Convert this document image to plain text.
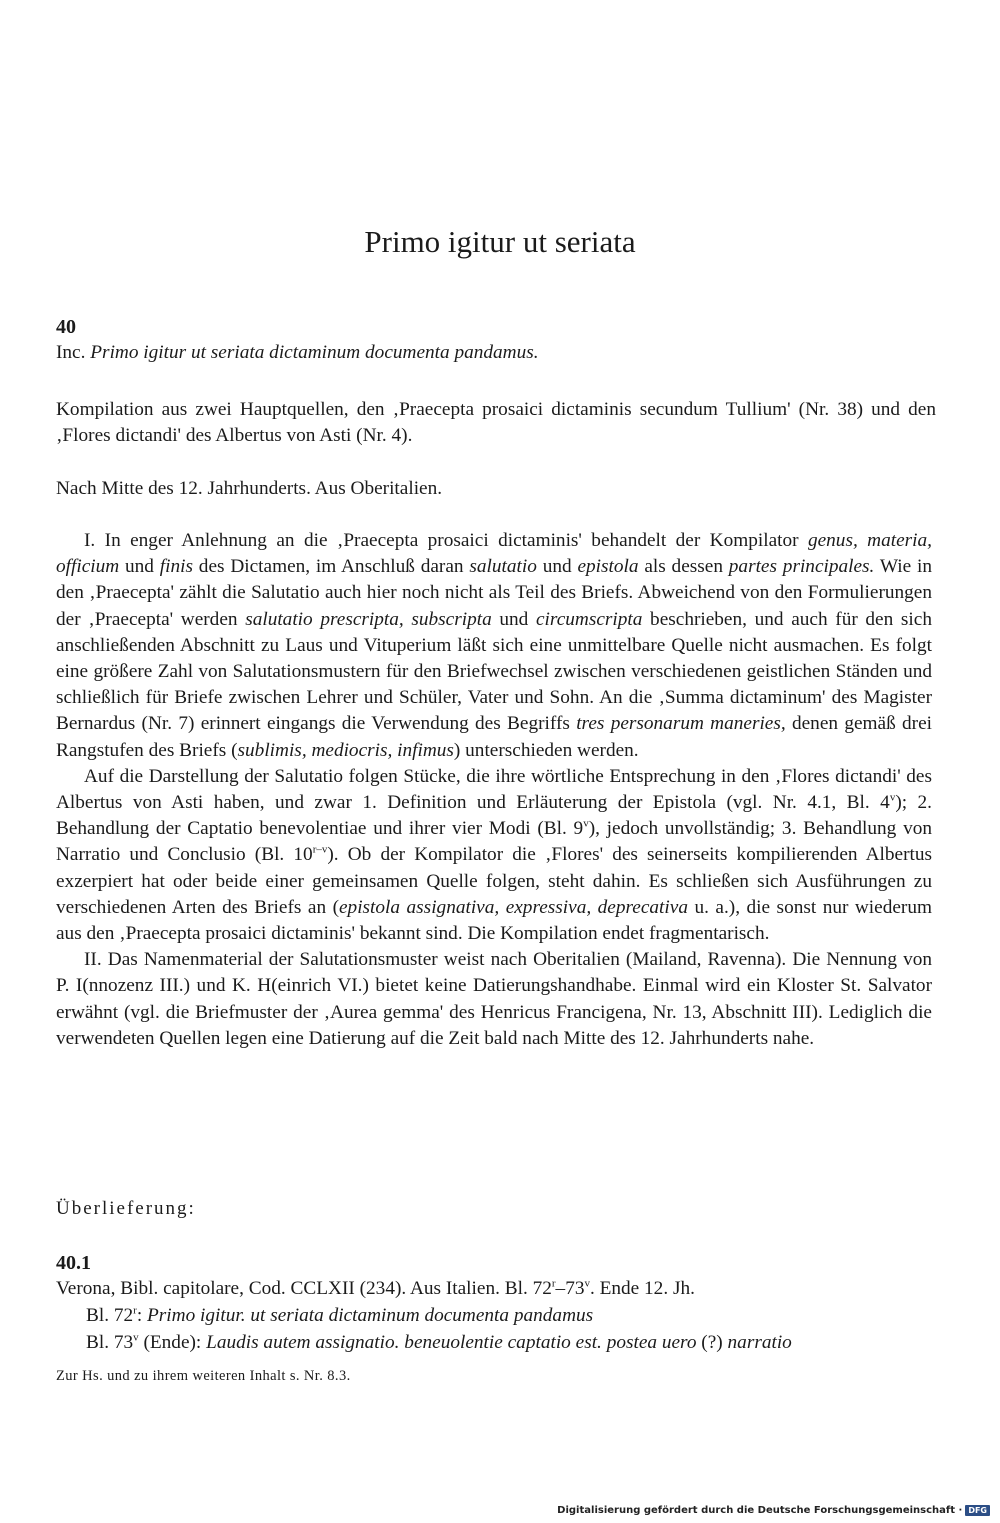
Primo igitur ut seriata
40
Inc. Primo igitur ut seriata dictaminum documenta pandamus.

Kompilation aus zwei Hauptquellen, den ‚Praecepta prosaici dictaminis secundum Tullium' (Nr. 38) und den ‚Flores dictandi' des Albertus von Asti (Nr. 4).

Nach Mitte des 12. Jahrhunderts. Aus Oberitalien.

I. In enger Anlehnung an die ‚Praecepta prosaici dictaminis' behandelt der Kompilator genus, materia, officium und finis des Dictamen, im Anschluß daran salutatio und epistola als dessen partes principales. Wie in den ‚Praecepta' zählt die Salutatio auch hier noch nicht als Teil des Briefs. Abweichend von den Formulierungen der ‚Praecepta' werden salutatio prescripta, subscripta und circumscripta beschrieben, und auch für den sich anschließenden Abschnitt zu Laus und Vituperium läßt sich eine unmittelbare Quelle nicht ausmachen. Es folgt eine größere Zahl von Salutationsmustern für den Briefwechsel zwischen verschiedenen geistlichen Ständen und schließlich für Briefe zwischen Lehrer und Schüler, Vater und Sohn. An die ‚Summa dictaminum' des Magister Bernardus (Nr. 7) erinnert eingangs die Verwendung des Begriffs tres personarum maneries, denen gemäß drei Rangstufen des Briefs (sublimis, mediocris, infimus) unterschieden werden.

Auf die Darstellung der Salutatio folgen Stücke, die ihre wörtliche Entsprechung in den ‚Flores dictandi' des Albertus von Asti haben, und zwar 1. Definition und Erläuterung der Epistola (vgl. Nr. 4.1, Bl. 4$^v$); 2. Behandlung der Captatio benevolentiae und ihrer vier Modi (Bl. 9$^v$), jedoch unvollständig; 3. Behandlung von Narratio und Conclusio (Bl. 10$^{r-v}$). Ob der Kompilator die ‚Flores' des seinerseits kompilierenden Albertus exzerpiert hat oder beide einer gemeinsamen Quelle folgen, steht dahin. Es schließen sich Ausführungen zu verschiedenen Arten des Briefs an (epistola assignativa, expressiva, deprecativa u. a.), die sonst nur wiederum aus den ‚Praecepta prosaici dictaminis' bekannt sind. Die Kompilation endet fragmentarisch.

II. Das Namenmaterial der Salutationsmuster weist nach Oberitalien (Mailand, Ravenna). Die Nennung von P. I(nnozenz III.) und K. H(einrich VI.) bietet keine Datierungshandhabe. Einmal wird ein Kloster St. Salvator erwähnt (vgl. die Briefmuster der ‚Aurea gemma' des Henricus Francigena, Nr. 13, Abschnitt III). Lediglich die verwendeten Quellen legen eine Datierung auf die Zeit bald nach Mitte des 12. Jahrhunderts nahe.

Überlieferung:
40.1
Verona, Bibl. capitolare, Cod. CCLXII (234). Aus Italien. Bl. 72$^r$–73$^v$. Ende 12. Jh.
Bl. 72$^r$: Primo igitur. ut seriata dictaminum documenta pandamus
Bl. 73$^v$ (Ende): Laudis autem assignatio. beneuolentie captatio est. postea uero (?) narratio
Zur Hs. und zu ihrem weiteren Inhalt s. Nr. 8.3.
Digitalisierung gefördert durch die Deutsche Forschungsgemeinschaft · DFG
